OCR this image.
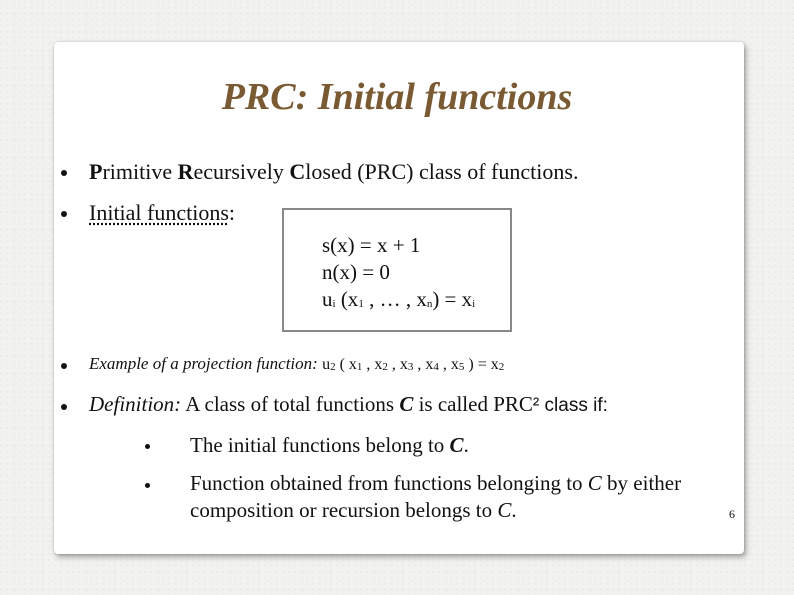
PRC: Initial functions
Primitive Recursively Closed (PRC) class of functions.
Initial functions:
s(x) = x + 1
n(x) = 0
$u_i$ ($x_1$ , … , $x_n) = x_i$
Example of a projection function: $u_2$ ( $x_1$ , $x_2$ , $x_3$ , $x_4$ , $x_5$ ) = $x_2$
Definition: A class of total functions C is called PRC² class if:
The initial functions belong to C.
Function obtained from functions belonging to C by either
composition or recursion belongs to C.	6
